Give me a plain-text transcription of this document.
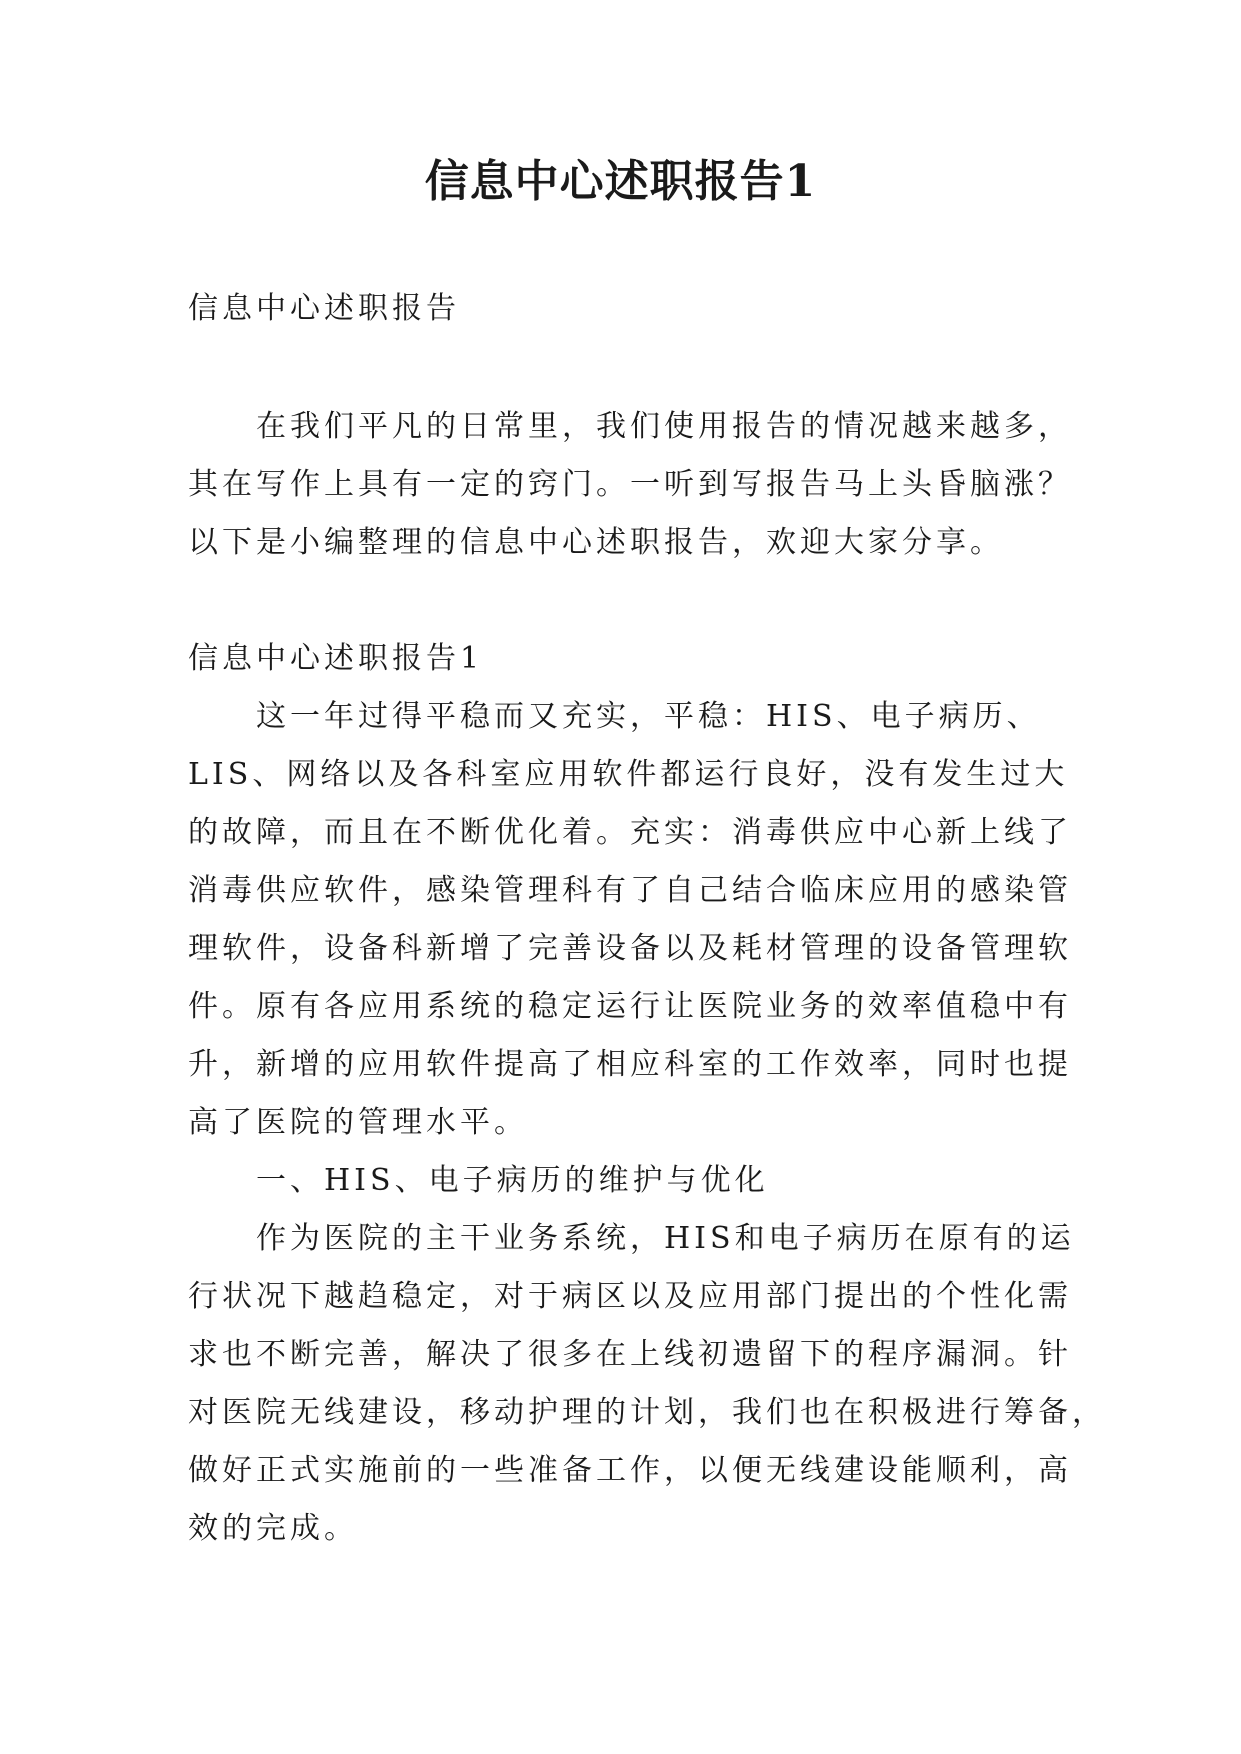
信息中心述职报告1
信息中心述职报告
在我们平凡的日常里，我们使用报告的情况越来越多，
其在写作上具有一定的窍门。一听到写报告马上头昏脑涨？
以下是小编整理的信息中心述职报告，欢迎大家分享。
信息中心述职报告1
这一年过得平稳而又充实，平稳：HIS、电子病历、
LIS、网络以及各科室应用软件都运行良好，没有发生过大
的故障，而且在不断优化着。充实：消毒供应中心新上线了
消毒供应软件，感染管理科有了自己结合临床应用的感染管
理软件，设备科新增了完善设备以及耗材管理的设备管理软
件。原有各应用系统的稳定运行让医院业务的效率值稳中有
升，新增的应用软件提高了相应科室的工作效率，同时也提
高了医院的管理水平。
一、HIS、电子病历的维护与优化
作为医院的主干业务系统，HIS和电子病历在原有的运
行状况下越趋稳定，对于病区以及应用部门提出的个性化需
求也不断完善，解决了很多在上线初遗留下的程序漏洞。针
对医院无线建设，移动护理的计划，我们也在积极进行筹备，
做好正式实施前的一些准备工作，以便无线建设能顺利，高
效的完成。
